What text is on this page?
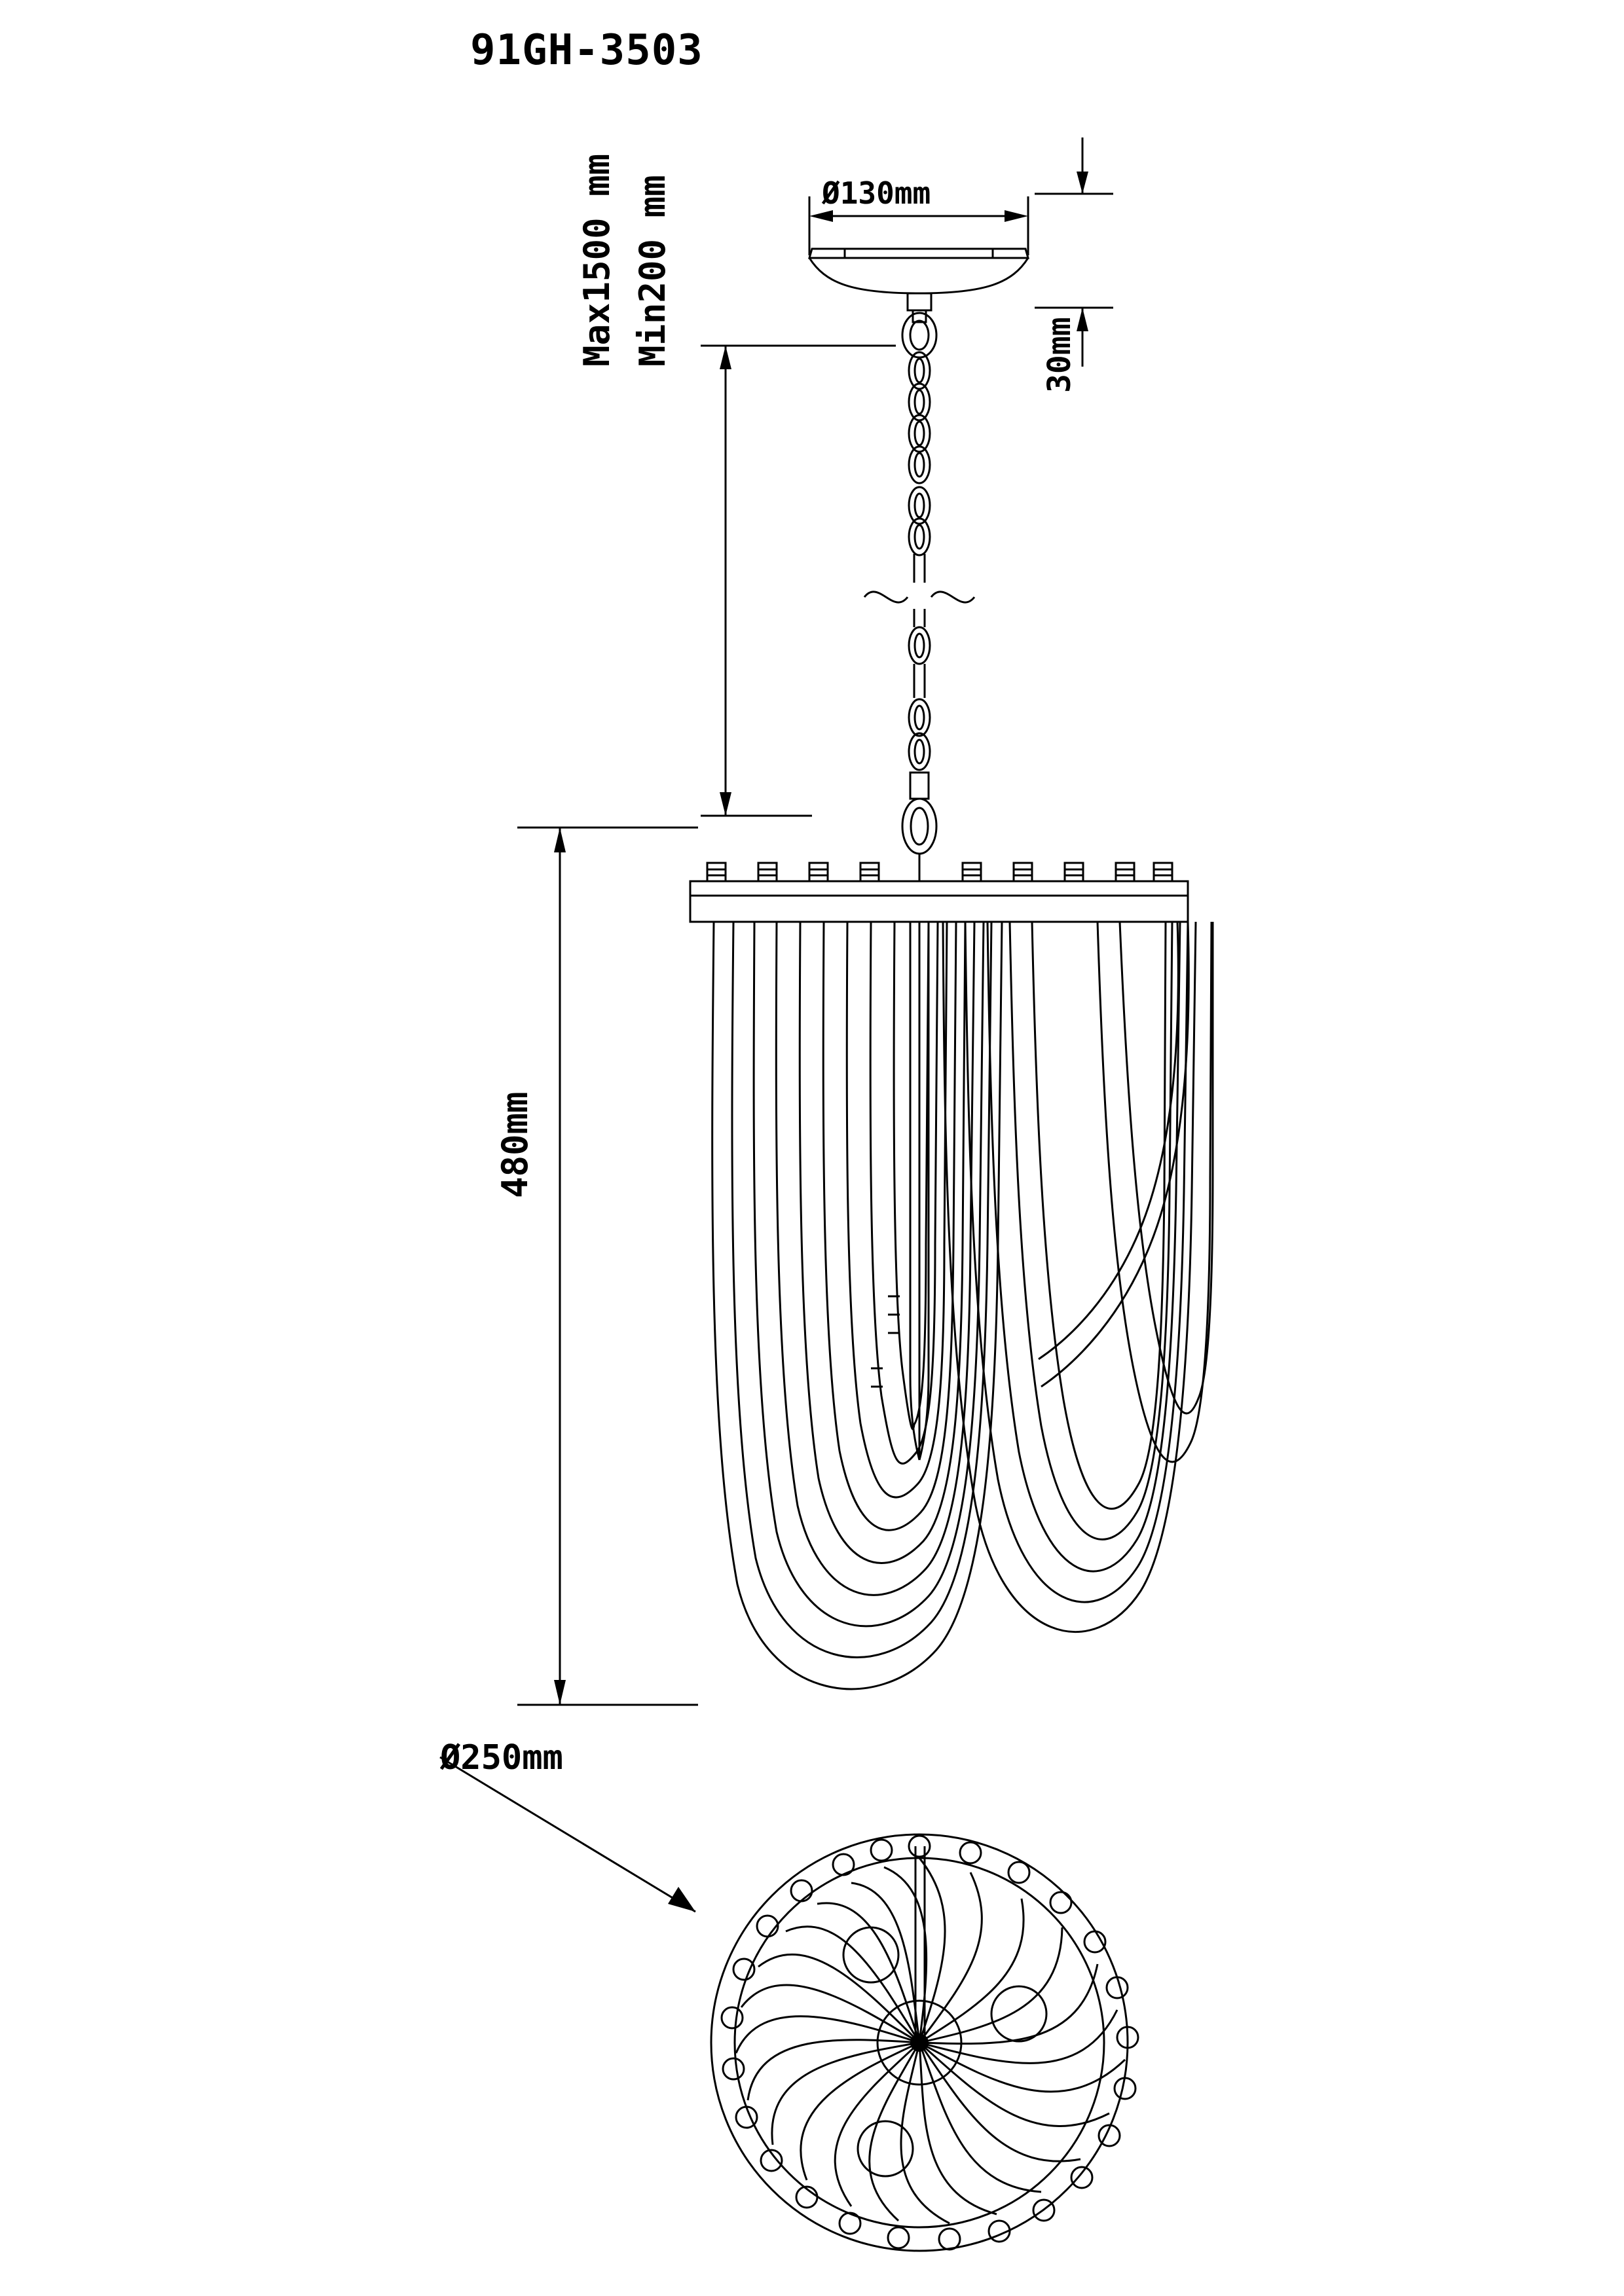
91GH-3503
Ø130mm
Max1500 mm Min200 mm	30mm
480mm
Ø250mm
